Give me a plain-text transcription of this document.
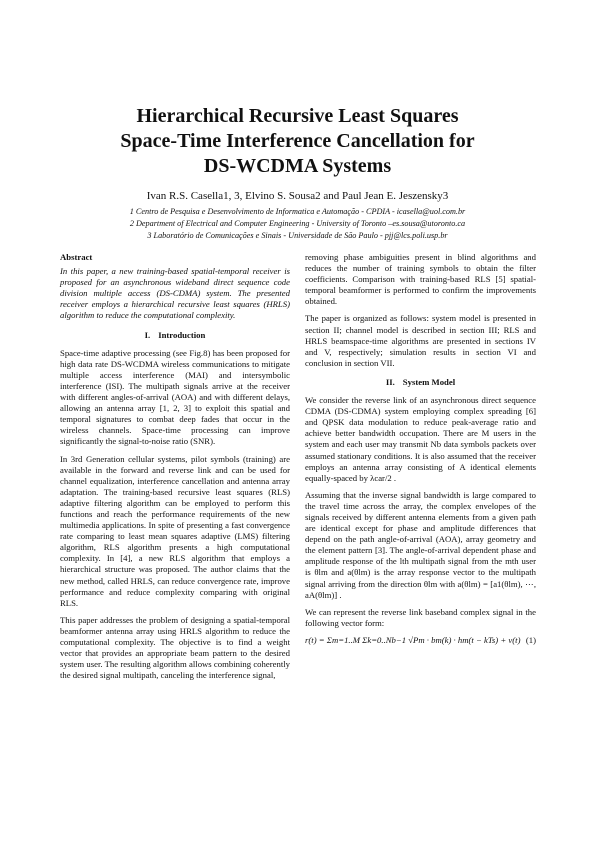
Hierarchical Recursive Least Squares
Space-Time Interference Cancellation for
DS-WCDMA Systems
Ivan R.S. Casella1, 3, Elvino S. Sousa2 and Paul Jean E. Jeszensky3
1 Centro de Pesquisa e Desenvolvimento de Informatica e Automação - CPDIA - icasella@uol.com.br
2 Department of Electrical and Computer Engineering - University of Toronto –es.sousa@utoronto.ca
3 Laboratório de Comunicações e Sinais - Universidade de São Paulo - pjj@lcs.poli.usp.br
Abstract

In this paper, a new training-based spatial-temporal receiver is proposed for an asynchronous wideband direct sequence code division multiple access (DS-CDMA) system. The presented receiver employs a hierarchical recursive least squares (HRLS) algorithm to reduce the computational complexity.

I. Introduction

Space-time adaptive processing (see Fig.8) has been proposed for high data rate DS-WCDMA wireless communications to mitigate multiple access interference (MAI) and intersymbolic interference (ISI). The multipath signals arrive at the receiver with different angles-of-arrival (AOA) and with different delays, allowing an antenna array [1, 2, 3] to exploit this spatial and temporal signatures to combat deep fades that occur in the wireless channels. Space-time processing can improve significantly the signal-to-noise ratio (SNR).

In 3rd Generation cellular systems, pilot symbols (training) are available in the forward and reverse link and can be used for channel equalization, interference cancellation and antenna array adaptation. The training-based recursive least squares (RLS) adaptive filtering algorithm can be employed to perform this functions and reach the performance requirements of the new multimedia applications. In spite of presenting a fast convergence rate comparing to least mean squares adaptive (LMS) filtering algorithm, RLS algorithm presents a high computational complexity. In [4], a new RLS algorithm that employs a hierarchical structure was proposed. The author claims that the new method, called HRLS, can reduce convergence rate, improve performance and reduce complexity comparing with original RLS.

This paper addresses the problem of designing a spatial-temporal beamformer antenna array using HRLS algorithm to reduce the computational complexity. The objective is to find a weight vector that provides an appropriate beam pattern to the desired system user. The resulting algorithm allows combining coherently the desired signal multipath, canceling the interference signal,

removing phase ambiguities present in blind algorithms and reduces the number of training symbols to obtain the filter coefficients. Comparison with training-based RLS [5] spatial-temporal beamformer is performed to confirm the improvements obtained.

The paper is organized as follows: system model is presented in section II; channel model is described in section III; RLS and HRLS beamspace-time algorithms are presented in sections IV and V, respectively; simulation results in section VI and conclusion in section VII.

II. System Model

We consider the reverse link of an asynchronous direct sequence CDMA (DS-CDMA) system employing complex spreading [6] and QPSK data modulation to reduce peak-average ratio and achieve better bandwidth occupation. There are M users in the system and each user may transmit Nb data symbols packets over assumed stationary conditions. It is also assumed that the receiver employs an antenna array consisting of A identical elements equally-spaced by λcar/2 .

Assuming that the inverse signal bandwidth is large compared to the travel time across the array, the complex envelopes of the signals received by different antenna elements from a given path are identical except for phase and amplitude differences that depend on the path angle-of-arrival (AOA), array geometry and the element pattern [3]. The angle-of-arrival dependent phase and amplitude response of the lth multipath signal from the mth user is θlm and a(θlm) is the array response vector to the multipath signal arriving from the direction θlm with a(θlm) = [a1(θlm), ⋯, aA(θlm)] .

We can represent the reverse link baseband complex signal in the following vector form:

r(t) = Σm=1..M Σk=0..Nb−1 √Pm · bm(k) · hm(t − kTs) + v(t) (1)
